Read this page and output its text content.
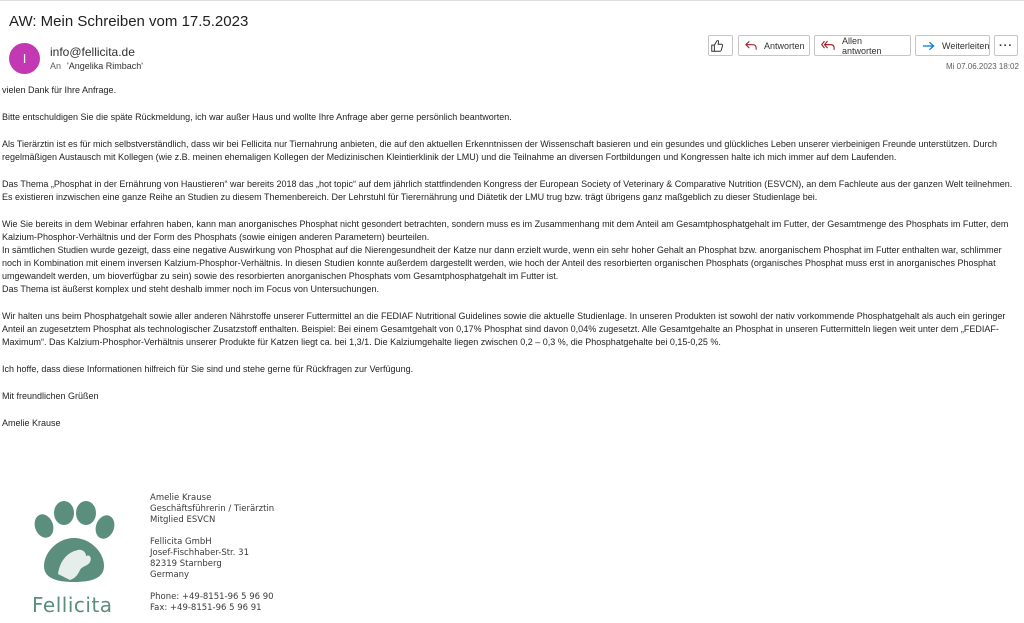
AW: Mein Schreiben vom 17.5.2023
I	info@fellicita.de
An 'Angelika Rimbach'
Antworten	Allen antworten	Weiterleiten ···
Mi 07.06.2023 18:02

vielen Dank für Ihre Anfrage.

Bitte entschuldigen Sie die späte Rückmeldung, ich war außer Haus und wollte Ihre Anfrage aber gerne persönlich beantworten.

Als Tierärztin ist es für mich selbstverständlich, dass wir bei Fellicita nur Tiernahrung anbieten, die auf den aktuellen Erkenntnissen der Wissenschaft basieren und ein gesundes und glückliches Leben unserer vierbeinigen Freunde unterstützen. Durch regelmäßigen Austausch mit Kollegen (wie z.B. meinen ehemaligen Kollegen der Medizinischen Kleintierklinik der LMU) und die Teilnahme an diversen Fortbildungen und Kongressen halte ich mich immer auf dem Laufenden.

Das Thema „Phosphat in der Ernährung von Haustieren“ war bereits 2018 das „hot topic“ auf dem jährlich stattfindenden Kongress der European Society of Veterinary & Comparative Nutrition (ESVCN), an dem Fachleute aus der ganzen Welt teilnehmen.

Es existieren inzwischen eine ganze Reihe an Studien zu diesem Themenbereich. Der Lehrstuhl für Tierernährung und Diätetik der LMU trug bzw. trägt übrigens ganz maßgeblich zu dieser Studienlage bei.

Wie Sie bereits in dem Webinar erfahren haben, kann man anorganisches Phosphat nicht gesondert betrachten, sondern muss es im Zusammenhang mit dem Anteil am Gesamtphosphatgehalt im Futter, der Gesamtmenge des Phosphats im Futter, dem Kalzium-Phosphor-Verhältnis und der Form des Phosphats (sowie einigen anderen Parametern) beurteilen.

In sämtlichen Studien wurde gezeigt, dass eine negative Auswirkung von Phosphat auf die Nierengesundheit der Katze nur dann erzielt wurde, wenn ein sehr hoher Gehalt an Phosphat bzw. anorganischem Phosphat im Futter enthalten war, schlimmer noch in Kombination mit einem inversen Kalzium-Phosphor-Verhältnis. In diesen Studien konnte außerdem dargestellt werden, wie hoch der Anteil des resorbierten organischen Phosphats (organisches Phosphat muss erst in anorganisches Phosphat umgewandelt werden, um bioverfügbar zu sein) sowie des resorbierten anorganischen Phosphats vom Gesamtphosphatgehalt im Futter ist.

Das Thema ist äußerst komplex und steht deshalb immer noch im Focus von Untersuchungen.

Wir halten uns beim Phosphatgehalt sowie aller anderen Nährstoffe unserer Futtermittel an die FEDIAF Nutritional Guidelines sowie die aktuelle Studienlage. In unseren Produkten ist sowohl der nativ vorkommende Phosphatgehalt als auch ein geringer Anteil an zugesetztem Phosphat als technologischer Zusatzstoff enthalten. Beispiel: Bei einem Gesamtgehalt von 0,17% Phosphat sind davon 0,04% zugesetzt. Alle Gesamtgehalte an Phosphat in unseren Futtermitteln liegen weit unter dem „FEDIAF-Maximum“. Das Kalzium-Phosphor-Verhältnis unserer Produkte für Katzen liegt ca. bei 1,3/1. Die Kalziumgehalte liegen zwischen 0,2 – 0,3 %, die Phosphatgehalte bei 0,15-0,25 %.

Ich hoffe, dass diese Informationen hilfreich für Sie sind und stehe gerne für Rückfragen zur Verfügung.

Mit freundlichen Grüßen

Amelie Krause

Fellicita
Amelie Krause
Geschäftsführerin / Tierärztin
Mitglied ESVCN
Fellicita GmbH
Josef-Fischhaber-Str. 31
82319 Starnberg
Germany
Phone: +49-8151-96 5 96 90
Fax: +49-8151-96 5 96 91
